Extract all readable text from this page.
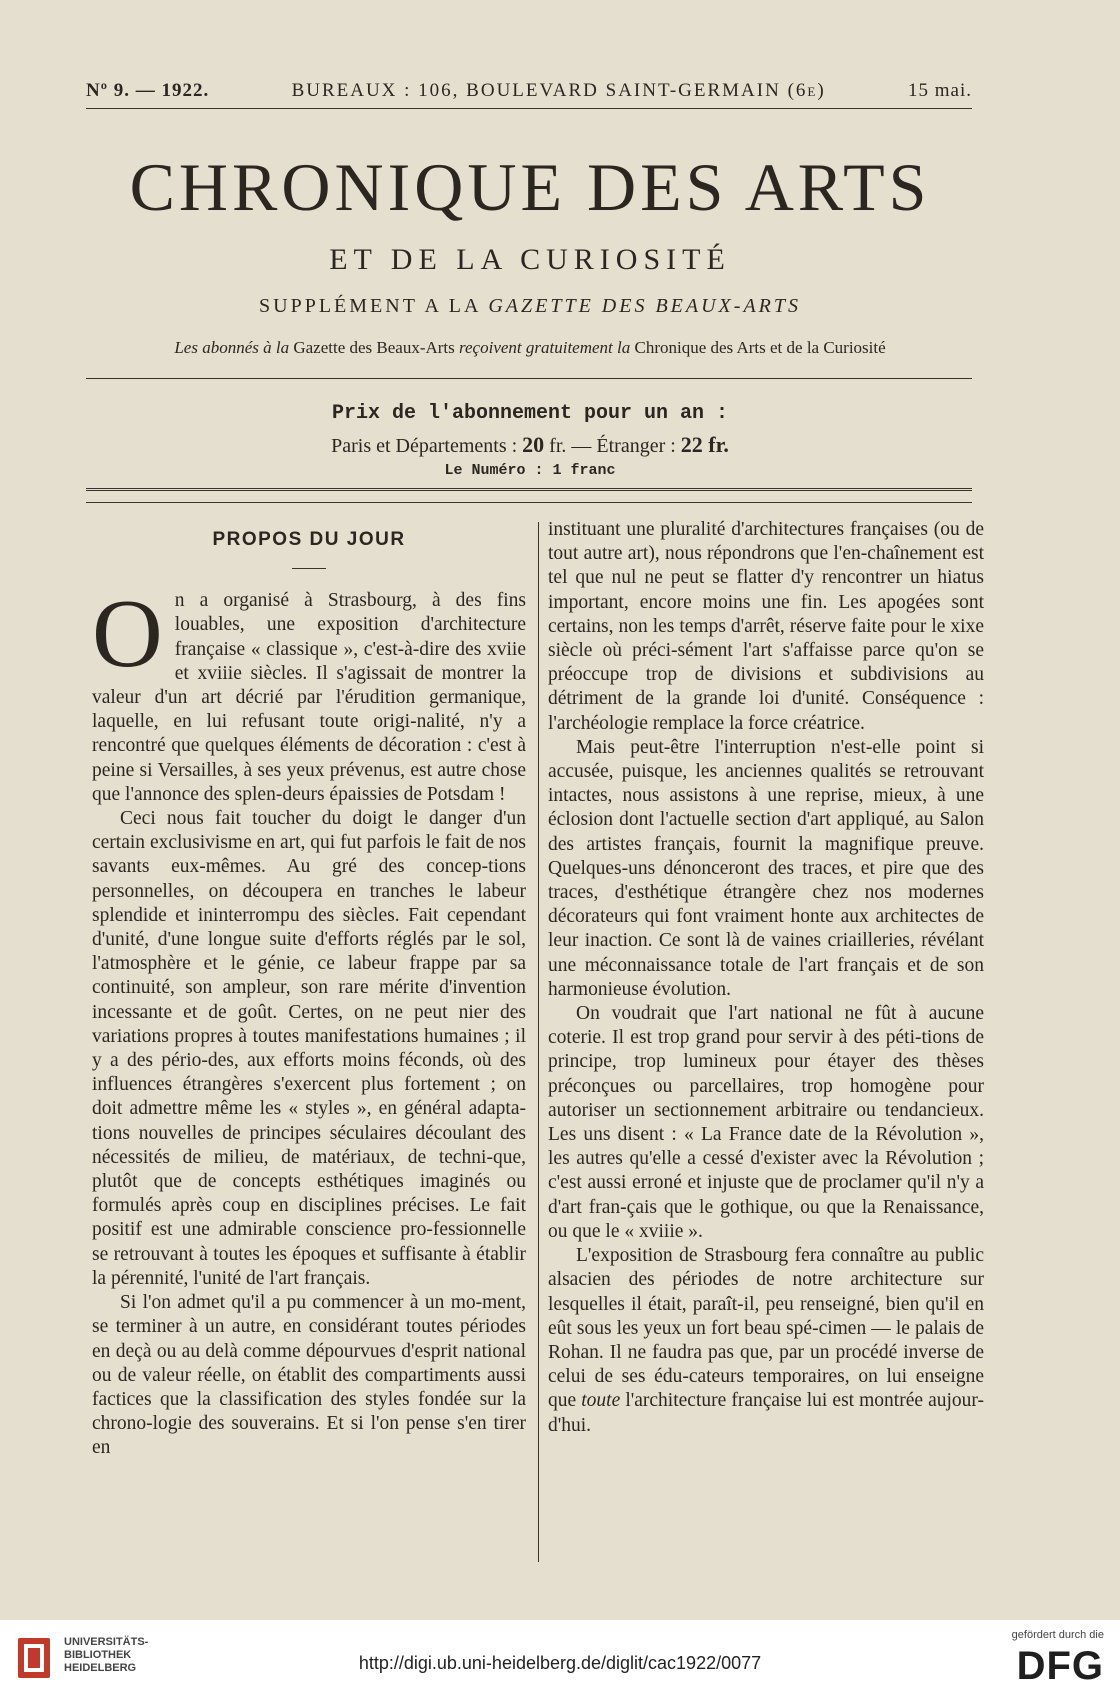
Nº 9. — 1922.	BUREAUX : 106, BOULEVARD SAINT-GERMAIN (6e)	15 mai.
CHRONIQUE DES ARTS
ET DE LA CURIOSITÉ
SUPPLÉMENT A LA GAZETTE DES BEAUX-ARTS
Les abonnés à la Gazette des Beaux-Arts reçoivent gratuitement la Chronique des Arts et de la Curiosité
Prix de l'abonnement pour un an :
Paris et Départements : 20 fr. — Étranger : 22 fr.
Le Numéro : 1 franc
PROPOS DU JOUR

O n a organisé à Strasbourg, à des fins louables, une exposition d'architecture française « classique », c'est-à-dire des xviie et xviiie siècles. Il s'agissait de montrer la valeur d'un art décrié par l'érudition germanique, laquelle, en lui refusant toute origi-nalité, n'y a rencontré que quelques éléments de décoration : c'est à peine si Versailles, à ses yeux prévenus, est autre chose que l'annonce des splen-deurs épaissies de Potsdam !

Ceci nous fait toucher du doigt le danger d'un certain exclusivisme en art, qui fut parfois le fait de nos savants eux-mêmes. Au gré des concep-tions personnelles, on découpera en tranches le labeur splendide et ininterrompu des siècles. Fait cependant d'unité, d'une longue suite d'efforts réglés par le sol, l'atmosphère et le génie, ce labeur frappe par sa continuité, son ampleur, son rare mérite d'invention incessante et de goût. Certes, on ne peut nier des variations propres à toutes manifestations humaines ; il y a des pério-des, aux efforts moins féconds, où des influences étrangères s'exercent plus fortement ; on doit admettre même les « styles », en général adapta-tions nouvelles de principes séculaires découlant des nécessités de milieu, de matériaux, de techni-que, plutôt que de concepts esthétiques imaginés ou formulés après coup en disciplines précises. Le fait positif est une admirable conscience pro-fessionnelle se retrouvant à toutes les époques et suffisante à établir la pérennité, l'unité de l'art français.

Si l'on admet qu'il a pu commencer à un mo-ment, se terminer à un autre, en considérant toutes périodes en deçà ou au delà comme dépourvues d'esprit national ou de valeur réelle, on établit des compartiments aussi factices que la classification des styles fondée sur la chrono-logie des souverains. Et si l'on pense s'en tirer en

instituant une pluralité d'architectures françaises (ou de tout autre art), nous répondrons que l'en-chaînement est tel que nul ne peut se flatter d'y rencontrer un hiatus important, encore moins une fin. Les apogées sont certains, non les temps d'arrêt, réserve faite pour le xixe siècle où préci-sément l'art s'affaisse parce qu'on se préoccupe trop de divisions et subdivisions au détriment de la grande loi d'unité. Conséquence : l'archéologie remplace la force créatrice.

Mais peut-être l'interruption n'est-elle point si accusée, puisque, les anciennes qualités se retrouvant intactes, nous assistons à une reprise, mieux, à une éclosion dont l'actuelle section d'art appliqué, au Salon des artistes français, fournit la magnifique preuve. Quelques-uns dénonceront des traces, et pire que des traces, d'esthétique étrangère chez nos modernes décorateurs qui font vraiment honte aux architectes de leur inaction. Ce sont là de vaines criailleries, révélant une méconnaissance totale de l'art français et de son harmonieuse évolution.

On voudrait que l'art national ne fût à aucune coterie. Il est trop grand pour servir à des péti-tions de principe, trop lumineux pour étayer des thèses préconçues ou parcellaires, trop homogène pour autoriser un sectionnement arbitraire ou tendancieux. Les uns disent : « La France date de la Révolution », les autres qu'elle a cessé d'exister avec la Révolution ; c'est aussi erroné et injuste que de proclamer qu'il n'y a d'art fran-çais que le gothique, ou que la Renaissance, ou que le « xviiie ».

L'exposition de Strasbourg fera connaître au public alsacien des périodes de notre architecture sur lesquelles il était, paraît-il, peu renseigné, bien qu'il en eût sous les yeux un fort beau spé-cimen — le palais de Rohan. Il ne faudra pas que, par un procédé inverse de celui de ses édu-cateurs temporaires, on lui enseigne que toute l'architecture française lui est montrée aujour-d'hui.

UNIVERSITÄTS-
BIBLIOTHEK
HEIDELBERG	http://digi.ub.uni-heidelberg.de/diglit/cac1922/0077
gefördert durch die
DFG
